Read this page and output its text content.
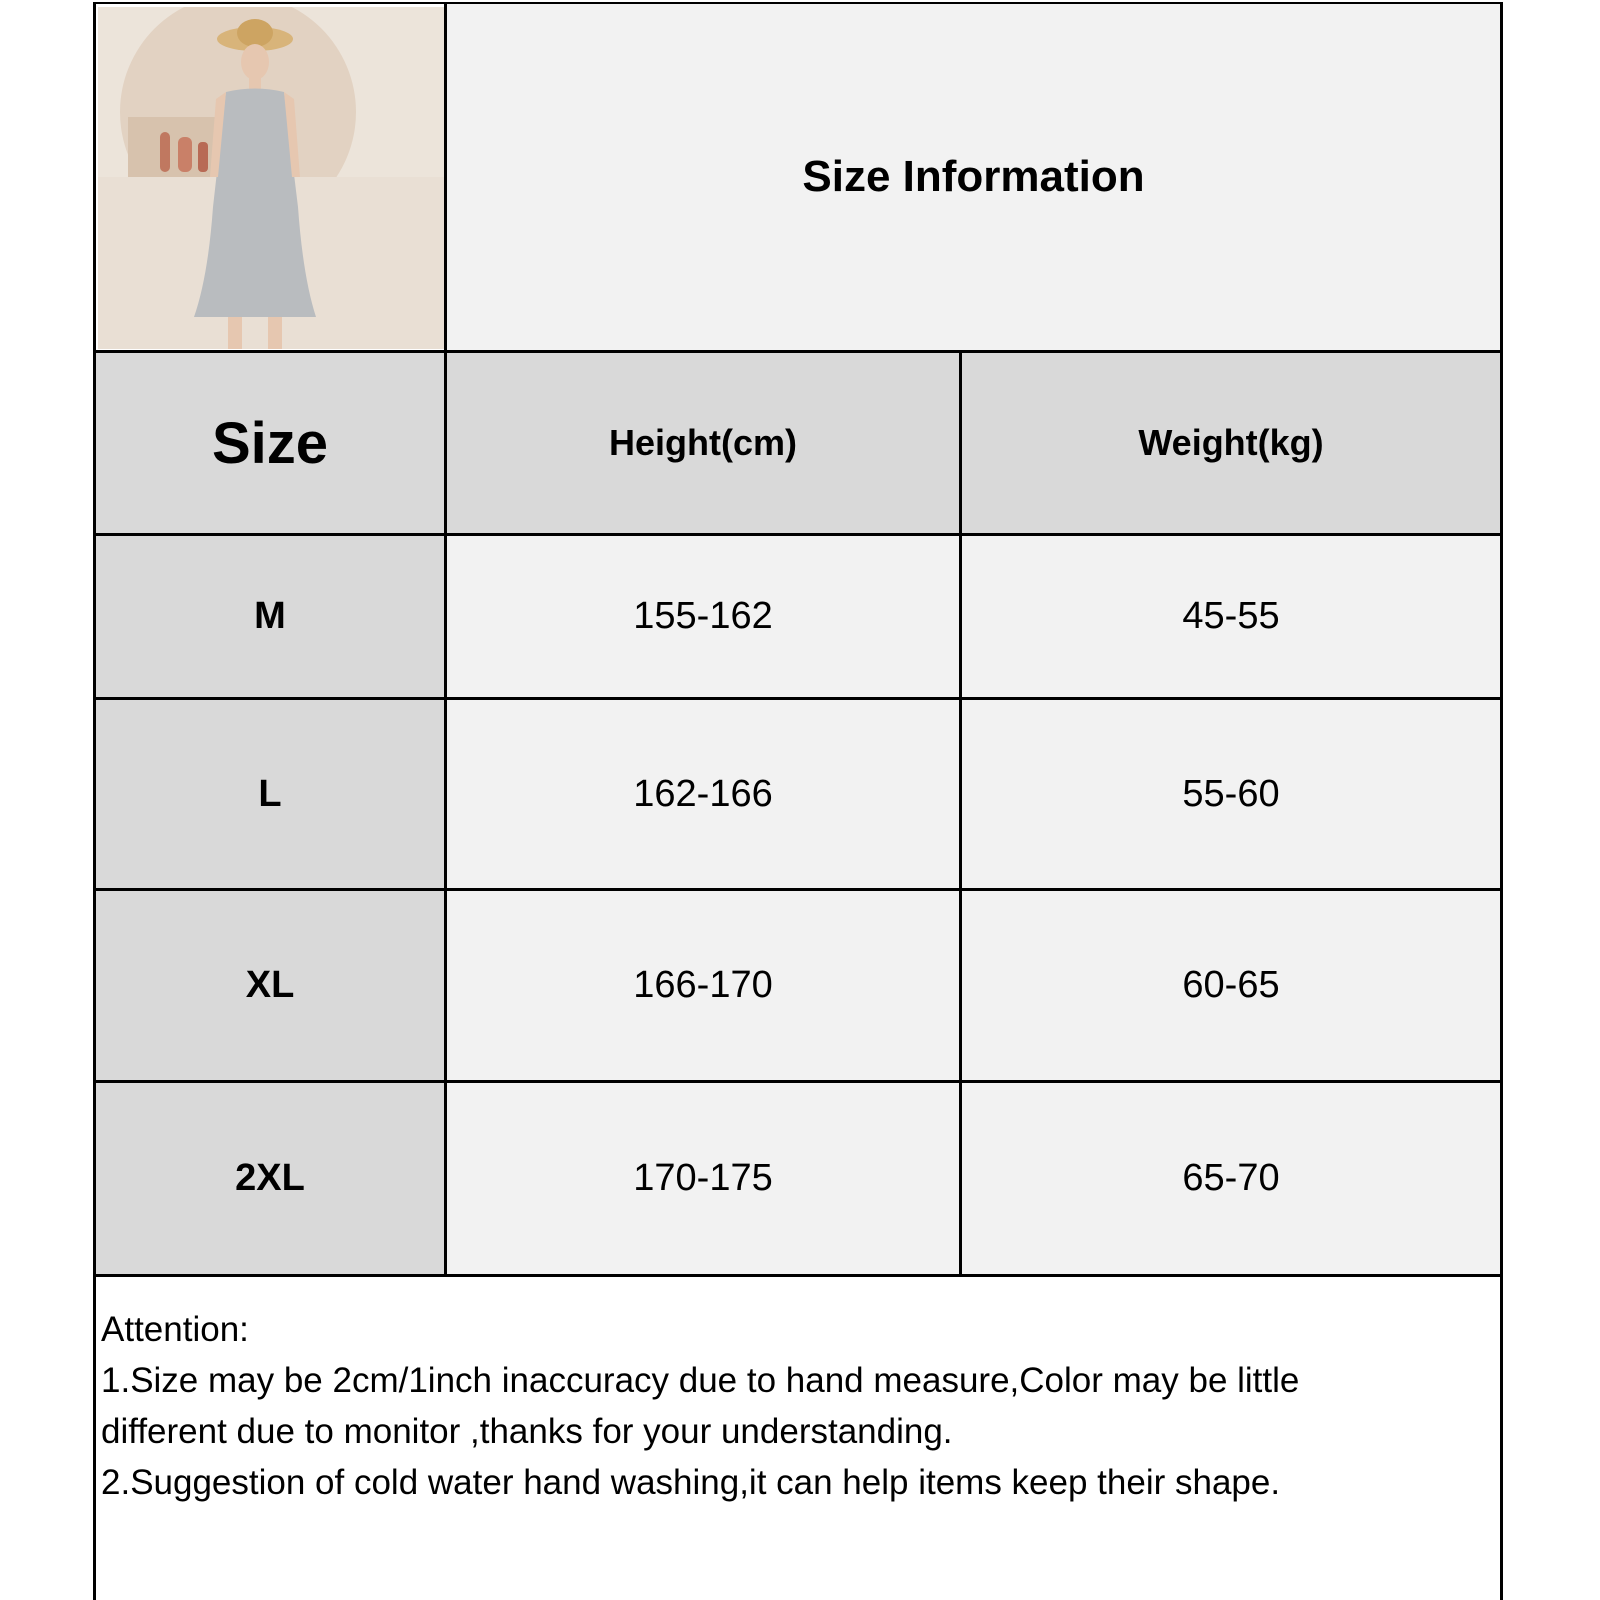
Size Information
Size	Height(cm)	Weight(kg)
M	155-162	45-55
L	162-166	55-60
XL	166-170	60-65
2XL	170-175	65-70
Attention:
1.Size may be 2cm/1inch inaccuracy due to hand measure,Color may be little
different due to monitor ,thanks for your understanding.
2.Suggestion of cold water hand washing,it can help items keep their shape.
